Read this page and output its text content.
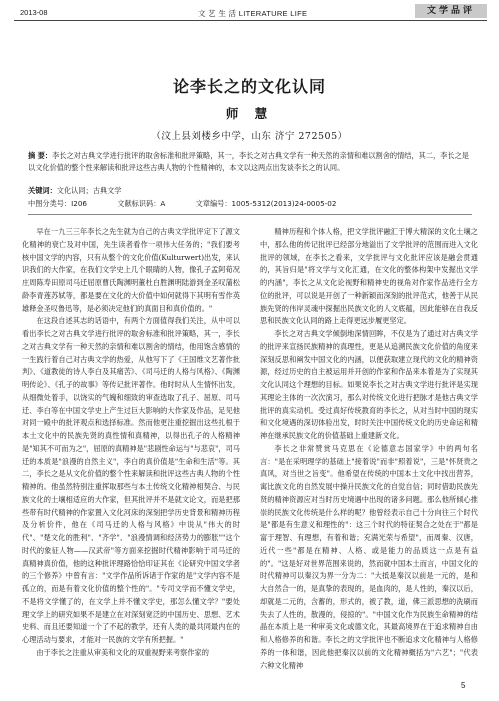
2013-08	文 艺 生 活 LITERATURE LIFE	文学品评
论李长之的文化认同
师 慧
（汶上县刘楼乡中学，山东 济宁 272505）
摘 要：李长之对古典文学进行批评的取舍标准和批评策略，其一，李长之对古典文学有一种天然的亲情和难以割舍的情结，其二，李长之是以文化价值的整个性来解读和批评这些古典人物的个性精神的，本文以这两点出发谈李长之的认同。
关键词：文化认同；古典文学
中图分类号：I206	文献标识码：A	文章编号：1005-5312(2013)24-0005-02

早在一九三三年李长之先生就为自己的古典文学批评定下了源文化精神的衰亡及对中国，先生读者看作一项伟大任务的；"我们要考核中国文学的内容，只有从整个的文化价值(Kulturwert)出发，来认识我们的大作家，在我们文学史上几个眼睛的人物，像孔子孟阿荀况庄周陈寿田原司马迁屈原曹氏陶渊明董杜白胜渊明陆游到金圣叹蒲松龄李青莲苏轼等，都是要在文化的大价值中如何就得下其明有雪作英雄释金圣叹鲁迅等，是必须决定他们的真面目和真价值的。"

在这段自述其志的话语中，有两个方面值得我们关注，从中可以看出李长之对古典文学进行批评的取舍标准和批评策略，其一，李长之对古典文学有一种天然的亲情和难以割舍的情结，他用饱含感情的一生践行着自己对古典文学的热爱，从他写下了《王国维文艺著作批判》、《道教徒的诗人李白及其痛苦》、《司马迁的人格与风格》、《陶渊明传论》、《孔子的故事》等传记批评著作。他时时从人生情怀出发，从细微处着手，以饶实的气魄和细致的审查选取了孔子、屈原、司马迁、李白等在中国文学史上产生过巨大影响的大作家及作品，足见他对同一殿中的批评观点和选择标准。然而他更注重挖掘出这些扎根于本土文化中的民族先贤的真性情和真精神，以得出孔子的人格精神是"知其不可而为之"，屈原的真精神是"悲剧性命运与"与悲哀"，司马迁的本质是"浪漫的自然主义"，李白的真价值是"生命和生活"等。其二，李长之是从文化价值的整个性来解读和批评这些古典人物的个性精神的。他虽然特别注重挥取那些与本土传统文化精神相契合、与民族文化的土壤相适应的大作家，但其批评并不是就文论文，而是把那些带有时代精神的作家置入文化河床的深刻把学历史背景和精神历程及分析价件，他在《司马迁的人格与风格》中说从"伟大的时代"、"楚文化的胜利"、"齐学"、"浪漫情调和经济势力的膨胀""这个时代的象征人物——汉武帝"等方面来挖掘时代精神影响于司马迁的真精神真价值，他的这种批评理路恰恰印证其在《论研究中国文学者的三个修养》中曾有言："文学作品所诉诸于作家的是"文学内容不是孤立的，而是有着文化价值的整个性的"。"专司文学而不懂文学史，不是将文学懂了的，在文学上并不懂文学史，那怎么懂文学？"要处理文学上的研究如果不是建立在对深刻宽泛的中国历史、思想、艺术史料、而且还要知道一个了不起的教学，还有人类的最共同最内在的心理活动与要求，才能对一民族的文学有所把握。"

由于李长之注重从审美和文化的双重视野来考察作家的

精神历程和个体人格，把文学批评融汇于博大精深的文化土壤之中，那么他的传记批评已经部分地溢出了文学批评的范围而进入文化批评的领域，在李长之看来，文学批评与文化批评应该是融会贯通的，其旨归是"将文学与文化汇通，在文化的整体构架中发掘出文学的内涵"，李长之从文化论视野和精神史的视角对作家作品进行全方位的批评，可以说是开创了一种新颖而深刻的批评范式，他善于从民族先贤的伟岸灵魂中探掘出民族文化的人文底蕴，因此能够在自我反思和民族文化认同的路上走得更远步履更坚定。

李长之对古典文学倾倒地深情回眸，不仅是为了通过对古典文学的批评来宣扬民族精神的真理性，更是从追溯民族文化价值的角度来深刻反思和阐发中国文化的内涵，以便获取建立现代的文化的精神资源，经过历史的自主被运用并开创的作家和作品来本着是为了实现其文化认同这个理想的目标。如果说李长之对古典文学进行批评是实现其理论主体的一次次演习，那么对传统文化进行把脉才是他古典文学批评的真实动机。受过真好传统教育的李长之，从对当时中国的现实和文化境遇的深切体验出发，时时关注中国传统文化的历史命运和精神在继承民族文化的价值基础上重建新文化。

李长之非常赞赏马克思在《论德意志国家学》中的两句名言："是在采明理学的基础上"接着说"而非"照着说"，三是"怀贤贵之真风，对当世之旨变"。他希望在传统的中国本土文化中找出营养，寓比族文化的自然发展中操升民族文化的自觉自信；同时借助民族先贤的精神资源应对当时历史境遇中出现的诸多问题。那么他所倾心推崇的民族文化传统是什么样的呢？他曾经表示自己十分向往三个时代是"都是有生意义和理性的"：这三个时代的特征契合之处在于"都是富于理智、有理想，有着和谐；充满光荣与希望"，而周秦、汉唐，近代一些"都是在精神、人格、或是能力的品质这一点是有益的"。"这是好对世界范围来说的，然而就中国本土而言，中国文化的时代精神可以秦汉为界一分为二："大抵是秦汉以前是一元的，是和大自然合一的，是真挚的表现的，是血肉的，是人性的，秦汉以后，却就是二元的，含蓄的，形式的，被了教，道，佛三派思想的洗刷而失去了人性的，散漫的，侵掠的"。"中国文化作为民族生命精神的结晶在本质上是一种审美文化或德文化，其最高境界在于追求精神自由和人格修养的和谐。李长之的文学批评也不断追求文化精神与人格修养的一体和谐，因此他把秦汉以前的文化精神概括为"六艺"；"代表六种文化精神

5
